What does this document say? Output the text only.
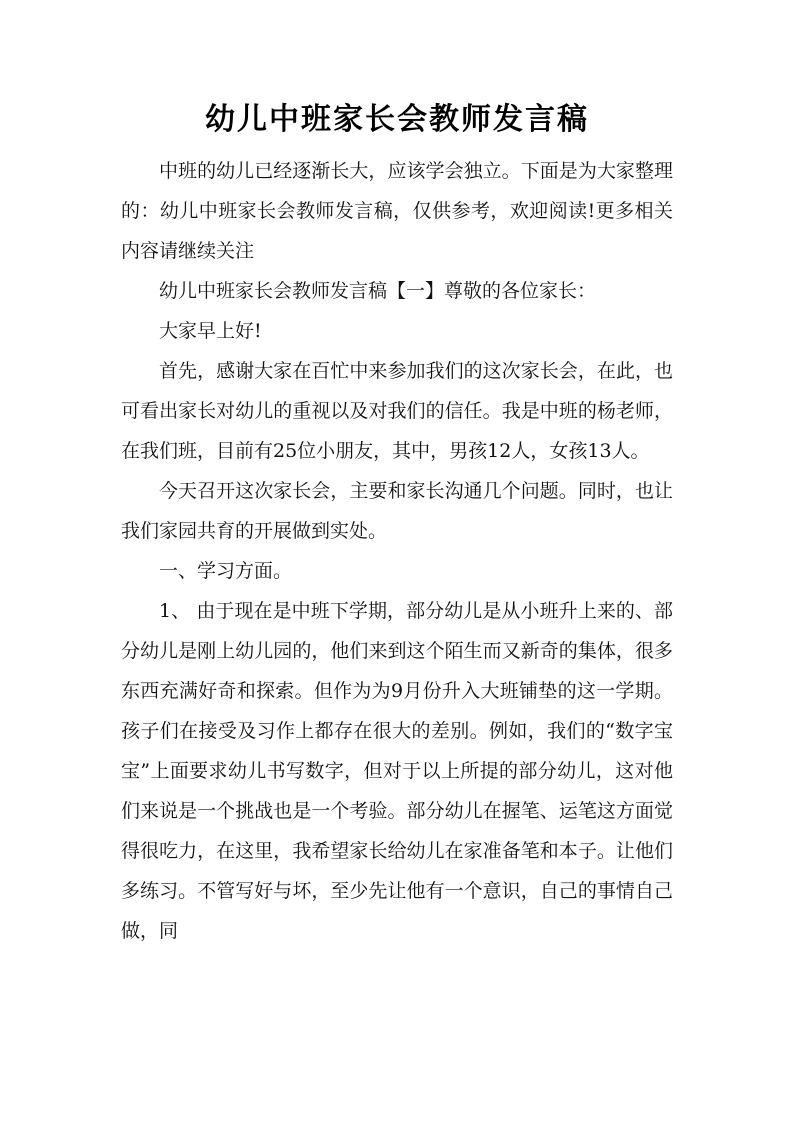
幼儿中班家长会教师发言稿

中班的幼儿已经逐渐长大，应该学会独立。下面是为大家整理的：幼儿中班家长会教师发言稿，仅供参考，欢迎阅读!更多相关内容请继续关注

幼儿中班家长会教师发言稿【一】尊敬的各位家长：

大家早上好!

首先，感谢大家在百忙中来参加我们的这次家长会，在此，也可看出家长对幼儿的重视以及对我们的信任。我是中班的杨老师，在我们班，目前有25位小朋友，其中，男孩12人，女孩13人。

今天召开这次家长会，主要和家长沟通几个问题。同时，也让我们家园共育的开展做到实处。

一、学习方面。

1、 由于现在是中班下学期，部分幼儿是从小班升上来的、部分幼儿是刚上幼儿园的，他们来到这个陌生而又新奇的集体，很多东西充满好奇和探索。但作为为9月份升入大班铺垫的这一学期。孩子们在接受及习作上都存在很大的差别。例如，我们的“数字宝宝”上面要求幼儿书写数字，但对于以上所提的部分幼儿，这对他们来说是一个挑战也是一个考验。部分幼儿在握笔、运笔这方面觉得很吃力，在这里，我希望家长给幼儿在家准备笔和本子。让他们多练习。不管写好与坏，至少先让他有一个意识，自己的事情自己做，同
